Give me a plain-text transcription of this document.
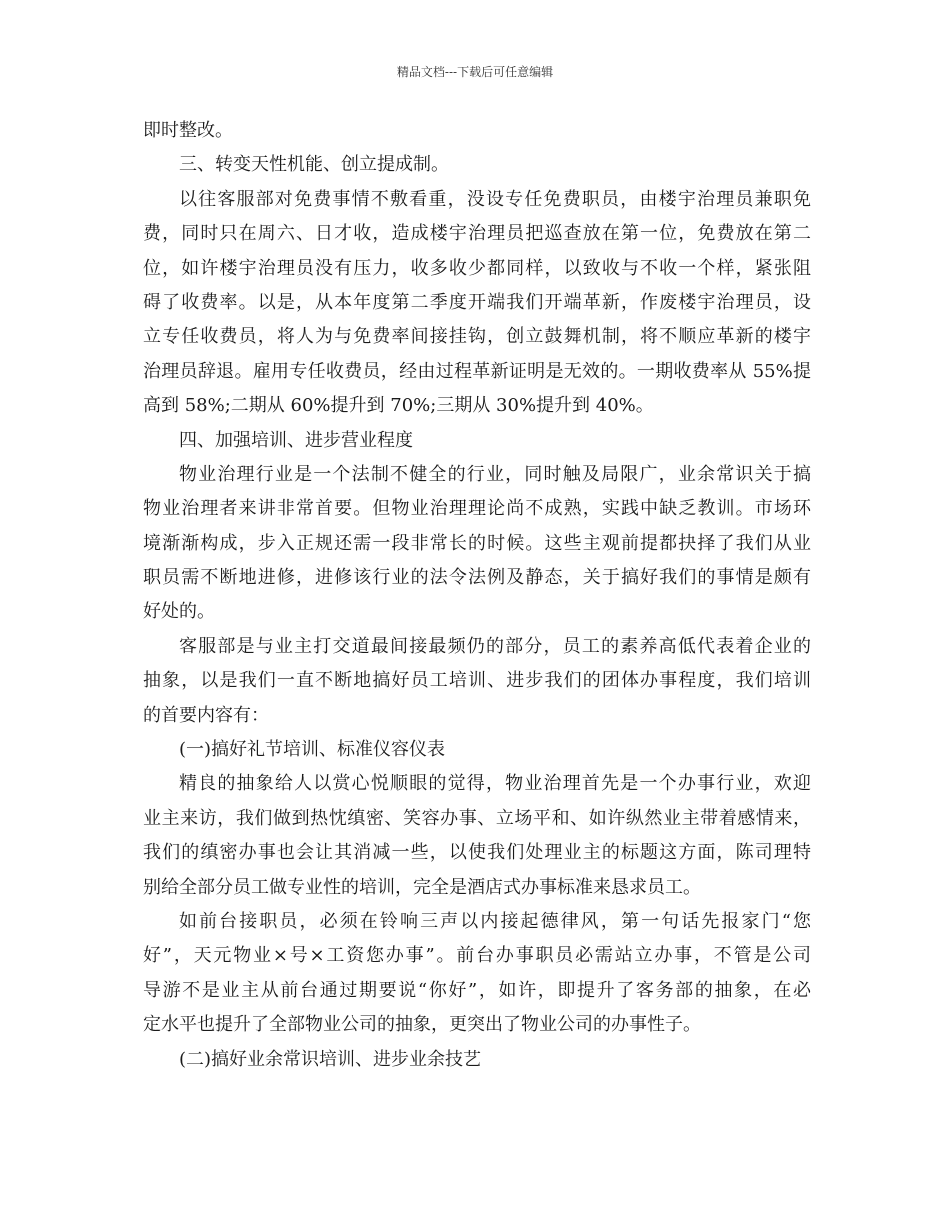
精品文档---下载后可任意编辑
即时整改。
三、转变天性机能、创立提成制。
以往客服部对免费事情不敷看重，没设专任免费职员，由楼宇治理员兼职免
费，同时只在周六、日才收，造成楼宇治理员把巡查放在第一位，免费放在第二
位，如许楼宇治理员没有压力，收多收少都同样，以致收与不收一个样，紧张阻
碍了收费率。以是，从本年度第二季度开端我们开端革新，作废楼宇治理员，设
立专任收费员，将人为与免费率间接挂钩，创立鼓舞机制，将不顺应革新的楼宇
治理员辞退。雇用专任收费员，经由过程革新证明是无效的。一期收费率从 55%提
高到 58%;二期从 60%提升到 70%;三期从 30%提升到 40%。
四、加强培训、进步营业程度
物业治理行业是一个法制不健全的行业，同时触及局限广，业余常识关于搞
物业治理者来讲非常首要。但物业治理理论尚不成熟，实践中缺乏教训。市场环
境渐渐构成，步入正规还需一段非常长的时候。这些主观前提都抉择了我们从业
职员需不断地进修，进修该行业的法令法例及静态，关于搞好我们的事情是颇有
好处的。
客服部是与业主打交道最间接最频仍的部分，员工的素养高低代表着企业的
抽象，以是我们一直不断地搞好员工培训、进步我们的团体办事程度，我们培训
的首要内容有：
(一)搞好礼节培训、标准仪容仪表
精良的抽象给人以赏心悦顺眼的觉得，物业治理首先是一个办事行业，欢迎
业主来访，我们做到热忱缜密、笑容办事、立场平和、如许纵然业主带着感情来，
我们的缜密办事也会让其消减一些，以使我们处理业主的标题这方面，陈司理特
别给全部分员工做专业性的培训，完全是酒店式办事标准来恳求员工。
如前台接职员，必须在铃响三声以内接起德律风，第一句话先报家门“您
好”，天元物业×号×工资您办事”。前台办事职员必需站立办事，不管是公司
导游不是业主从前台通过期要说“你好”，如许，即提升了客务部的抽象，在必
定水平也提升了全部物业公司的抽象，更突出了物业公司的办事性子。
(二)搞好业余常识培训、进步业余技艺
